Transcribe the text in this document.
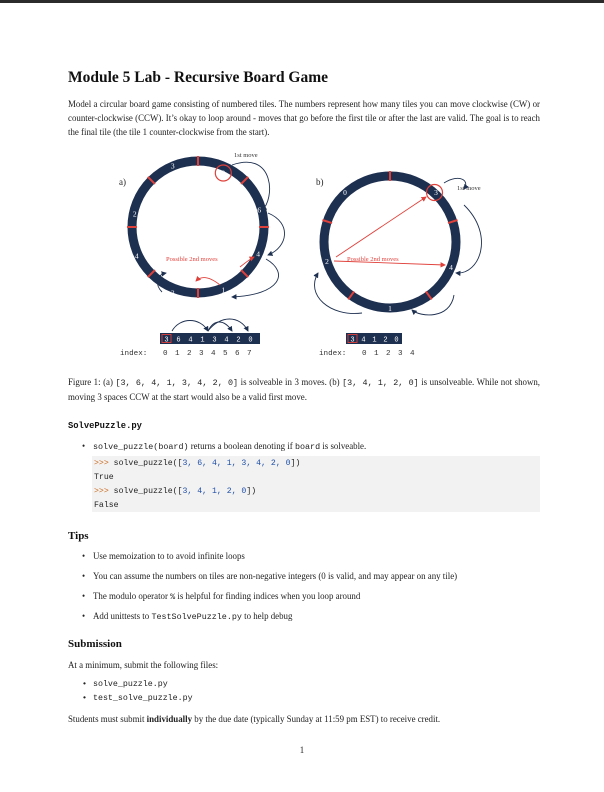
Module 5 Lab - Recursive Board Game
Model a circular board game consisting of numbered tiles. The numbers represent how many tiles you can move clockwise (CW) or counter-clockwise (CCW). It’s okay to loop around - moves that go before the first tile or after the last are valid. The goal is to reach the final tile (the tile 1 counter-clockwise from the start).
a)
3
6
4
1
3
4
2
0
1st move
Possible 2nd moves
3 6 4 1 3 4 2 0
index: 0 1 2 3 4 5 6 7
b)
3
4
1
2
0	1st move
Possible 2nd moves
3 4 1 2 0
index: 0 1 2 3 4
Figure 1: (a) [3, 6, 4, 1, 3, 4, 2, 0] is solveable in 3 moves. (b) [3, 4, 1, 2, 0] is unsolveable. While not shown, moving 3 spaces CCW at the start would also be a valid first move.
SolvePuzzle.py
• solve_puzzle(board) returns a boolean denoting if board is solveable.
>>> solve_puzzle([3, 6, 4, 1, 3, 4, 2, 0])
True
>>> solve_puzzle([3, 4, 1, 2, 0])
False
Tips
• Use memoization to to avoid infinite loops
• You can assume the numbers on tiles are non-negative integers (0 is valid, and may appear on any tile)
• The modulo operator % is helpful for finding indices when you loop around
• Add unittests to TestSolvePuzzle.py to help debug
Submission
At a minimum, submit the following files:
• solve_puzzle.py
• test_solve_puzzle.py
Students must submit individually by the due date (typically Sunday at 11:59 pm EST) to receive credit.
1
